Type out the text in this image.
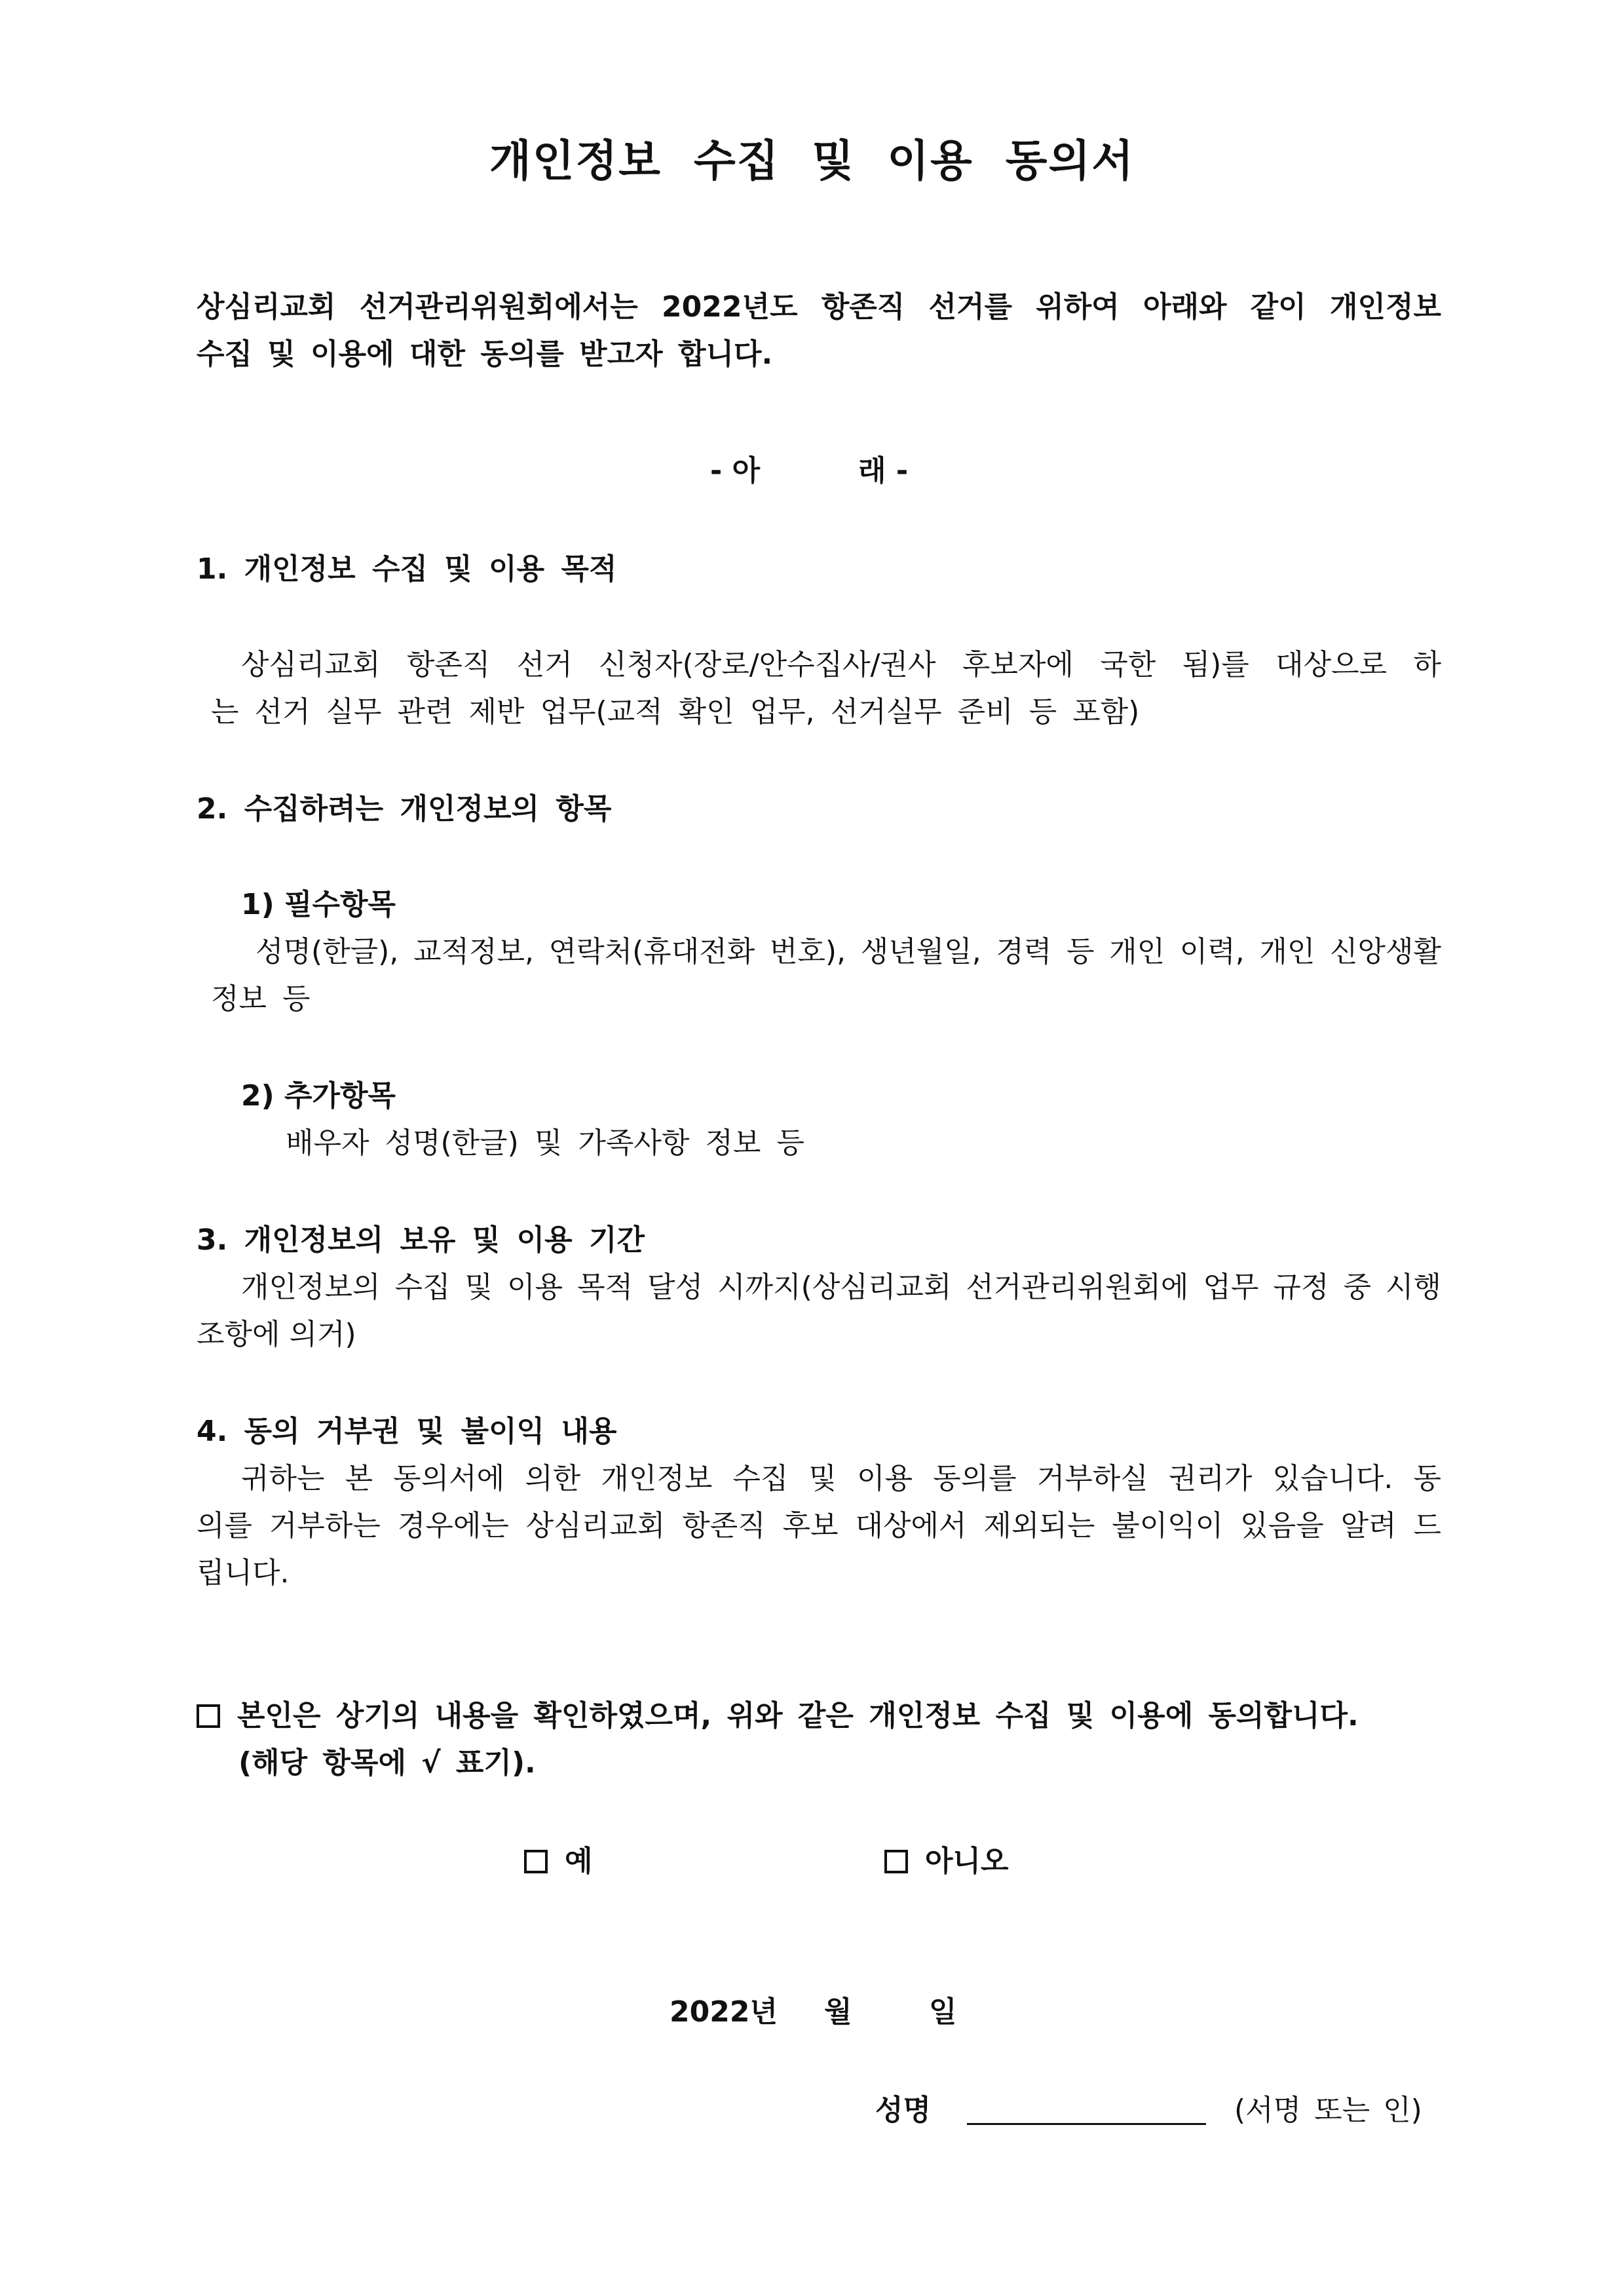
개인정보 수집 및 이용 동의서
상심리교회 선거관리위원회에서는 2022년도 항존직 선거를 위하여 아래와 같이 개인정보
수집 및 이용에 대한 동의를 받고자 합니다.
- 아	래 -
1. 개인정보 수집 및 이용 목적
상심리교회 항존직 선거 신청자(장로/안수집사/권사 후보자에 국한 됨)를 대상으로 하
는 선거 실무 관련 제반 업무(교적 확인 업무, 선거실무 준비 등 포함)
2. 수집하려는 개인정보의 항목
1) 필수항목
성명(한글), 교적정보, 연락처(휴대전화 번호), 생년월일, 경력 등 개인 이력, 개인 신앙생활
정보 등
2) 추가항목
배우자 성명(한글) 및 가족사항 정보 등
3. 개인정보의 보유 및 이용 기간
개인정보의 수집 및 이용 목적 달성 시까지(상심리교회 선거관리위원회에 업무 규정 중 시행
조항에 의거)
4. 동의 거부권 및 불이익 내용
귀하는 본 동의서에 의한 개인정보 수집 및 이용 동의를 거부하실 권리가 있습니다. 동
의를 거부하는 경우에는 상심리교회 항존직 후보 대상에서 제외되는 불이익이 있음을 알려 드
립니다.
본인은 상기의 내용을 확인하였으며, 위와 같은 개인정보 수집 및 이용에 동의합니다.
(해당 항목에 √ 표기).
예	아니오
2022년 월	일
성명	(서명 또는 인)
